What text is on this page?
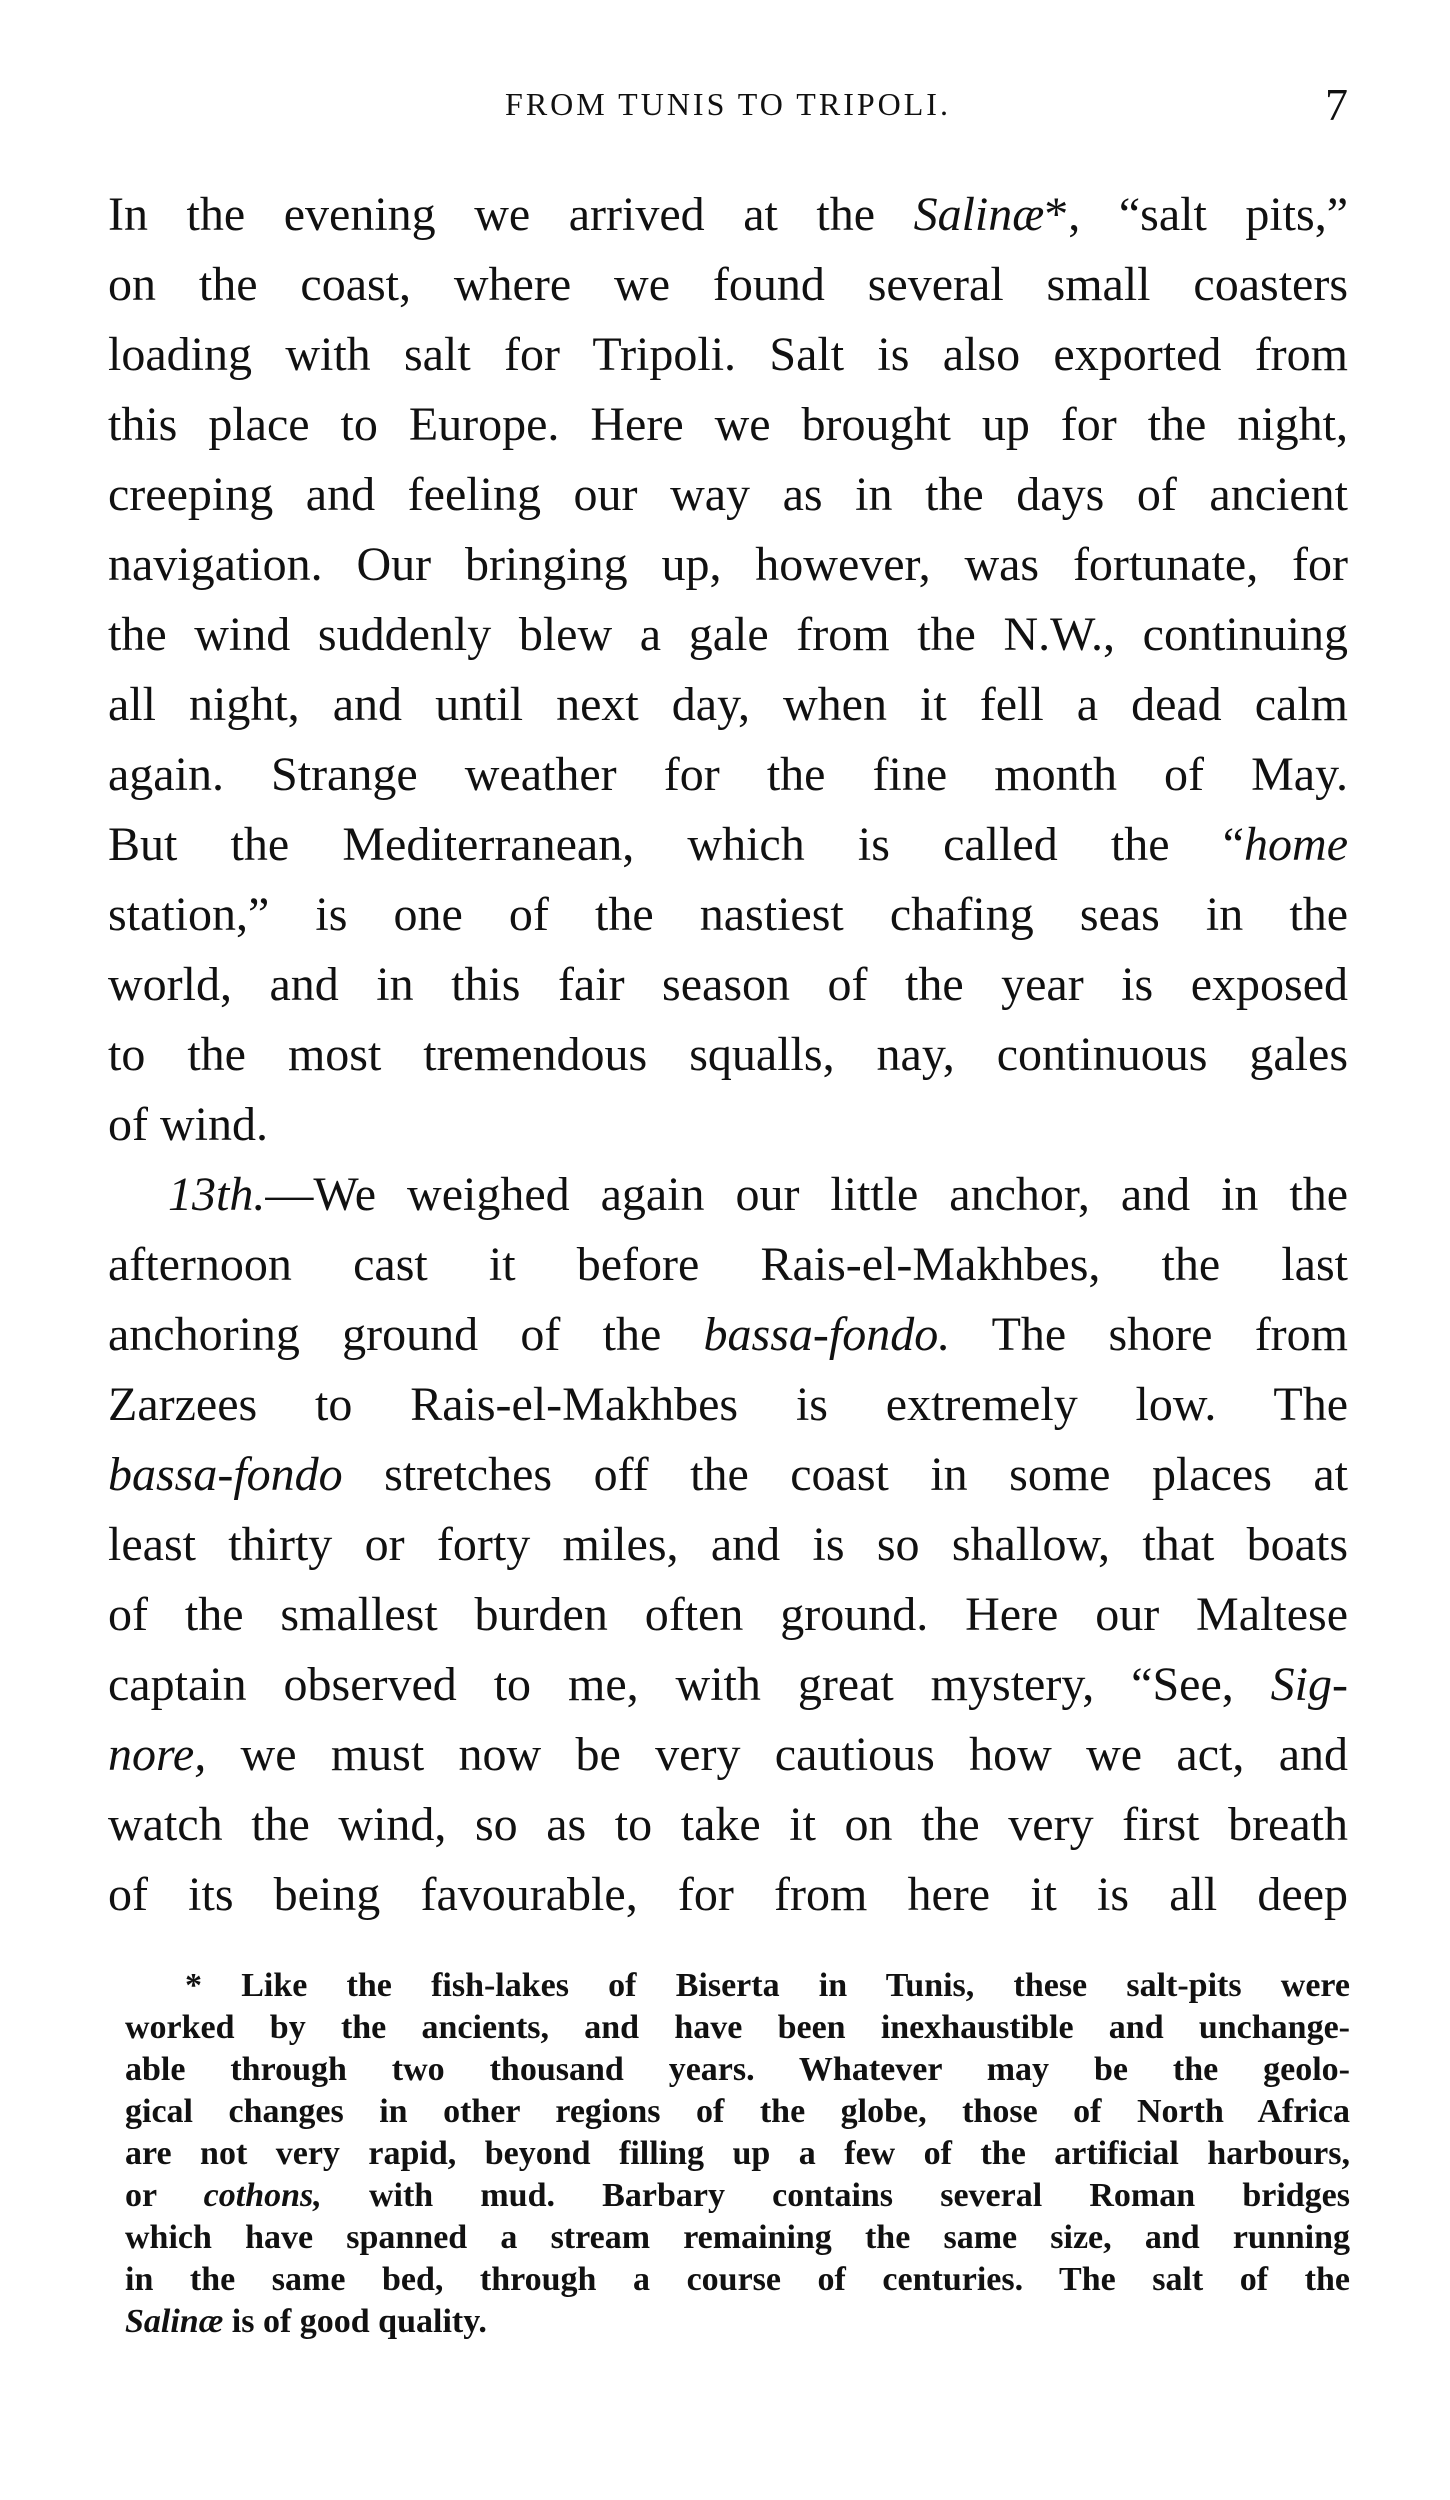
FROM TUNIS TO TRIPOLI.	7
In the evening we arrived at the Salinæ*, “salt pits,”
on the coast, where we found several small coasters
loading with salt for Tripoli. Salt is also exported from
this place to Europe. Here we brought up for the night,
creeping and feeling our way as in the days of ancient
navigation. Our bringing up, however, was fortunate, for
the wind suddenly blew a gale from the N.W., continuing
all night, and until next day, when it fell a dead calm
again. Strange weather for the fine month of May.
But the Mediterranean, which is called the “home
station,” is one of the nastiest chafing seas in the
world, and in this fair season of the year is exposed
to the most tremendous squalls, nay, continuous gales
of wind.
13th.—We weighed again our little anchor, and in the
afternoon cast it before Rais-el-Makhbes, the last
anchoring ground of the bassa-fondo. The shore from
Zarzees to Rais-el-Makhbes is extremely low. The
bassa-fondo stretches off the coast in some places at
least thirty or forty miles, and is so shallow, that boats
of the smallest burden often ground. Here our Maltese
captain observed to me, with great mystery, “See, Sig-
nore, we must now be very cautious how we act, and
watch the wind, so as to take it on the very first breath
of its being favourable, for from here it is all deep
* Like the fish-lakes of Biserta in Tunis, these salt-pits were
worked by the ancients, and have been inexhaustible and unchange-
able through two thousand years. Whatever may be the geolo-
gical changes in other regions of the globe, those of North Africa
are not very rapid, beyond filling up a few of the artificial harbours,
or cothons, with mud. Barbary contains several Roman bridges
which have spanned a stream remaining the same size, and running
in the same bed, through a course of centuries. The salt of the
Salinæ is of good quality.
